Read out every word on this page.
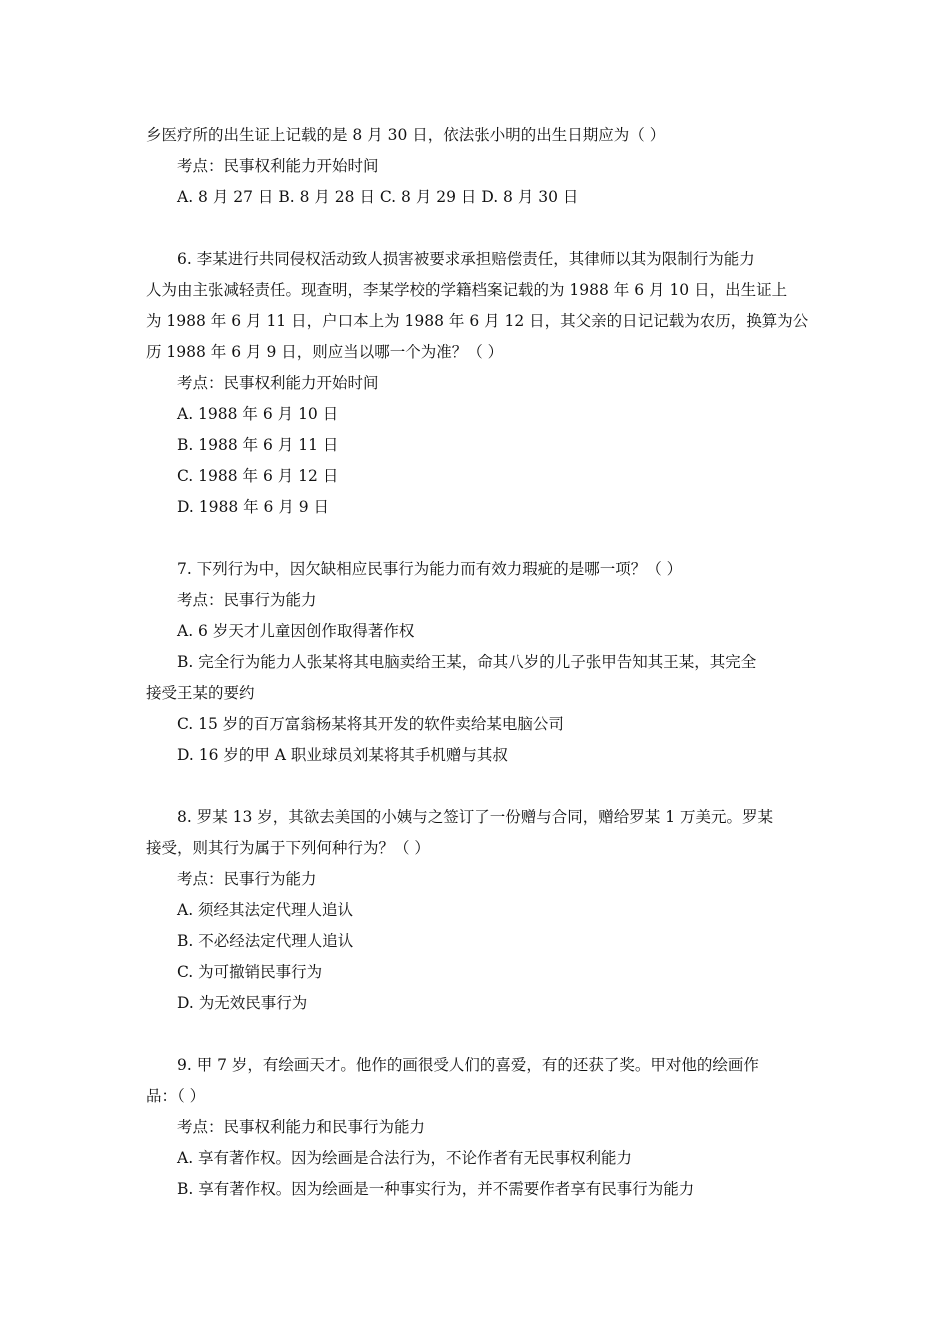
乡医疗所的出生证上记载的是 8 月 30 日，依法张小明的出生日期应为（ ）
考点：民事权利能力开始时间
A. 8 月 27 日 B. 8 月 28 日 C. 8 月 29 日 D. 8 月 30 日
6. 李某进行共同侵权活动致人损害被要求承担赔偿责任，其律师以其为限制行为能力
人为由主张减轻责任。现查明，李某学校的学籍档案记载的为 1988 年 6 月 10 日，出生证上
为 1988 年 6 月 11 日，户口本上为 1988 年 6 月 12 日，其父亲的日记记载为农历，换算为公
历 1988 年 6 月 9 日，则应当以哪一个为准？（ ）
考点：民事权利能力开始时间
A. 1988 年 6 月 10 日
B. 1988 年 6 月 11 日
C. 1988 年 6 月 12 日
D. 1988 年 6 月 9 日
7. 下列行为中，因欠缺相应民事行为能力而有效力瑕疵的是哪一项？（ ）
考点：民事行为能力
A. 6 岁天才儿童因创作取得著作权
B. 完全行为能力人张某将其电脑卖给王某，命其八岁的儿子张甲告知其王某，其完全
接受王某的要约
C. 15 岁的百万富翁杨某将其开发的软件卖给某电脑公司
D. 16 岁的甲 A 职业球员刘某将其手机赠与其叔
8. 罗某 13 岁，其欲去美国的小姨与之签订了一份赠与合同，赠给罗某 1 万美元。罗某
接受，则其行为属于下列何种行为？（ ）
考点：民事行为能力
A. 须经其法定代理人追认
B. 不必经法定代理人追认
C. 为可撤销民事行为
D. 为无效民事行为
9. 甲 7 岁，有绘画天才。他作的画很受人们的喜爱，有的还获了奖。甲对他的绘画作
品：（ ）
考点：民事权利能力和民事行为能力
A. 享有著作权。因为绘画是合法行为，不论作者有无民事权利能力
B. 享有著作权。因为绘画是一种事实行为，并不需要作者享有民事行为能力
